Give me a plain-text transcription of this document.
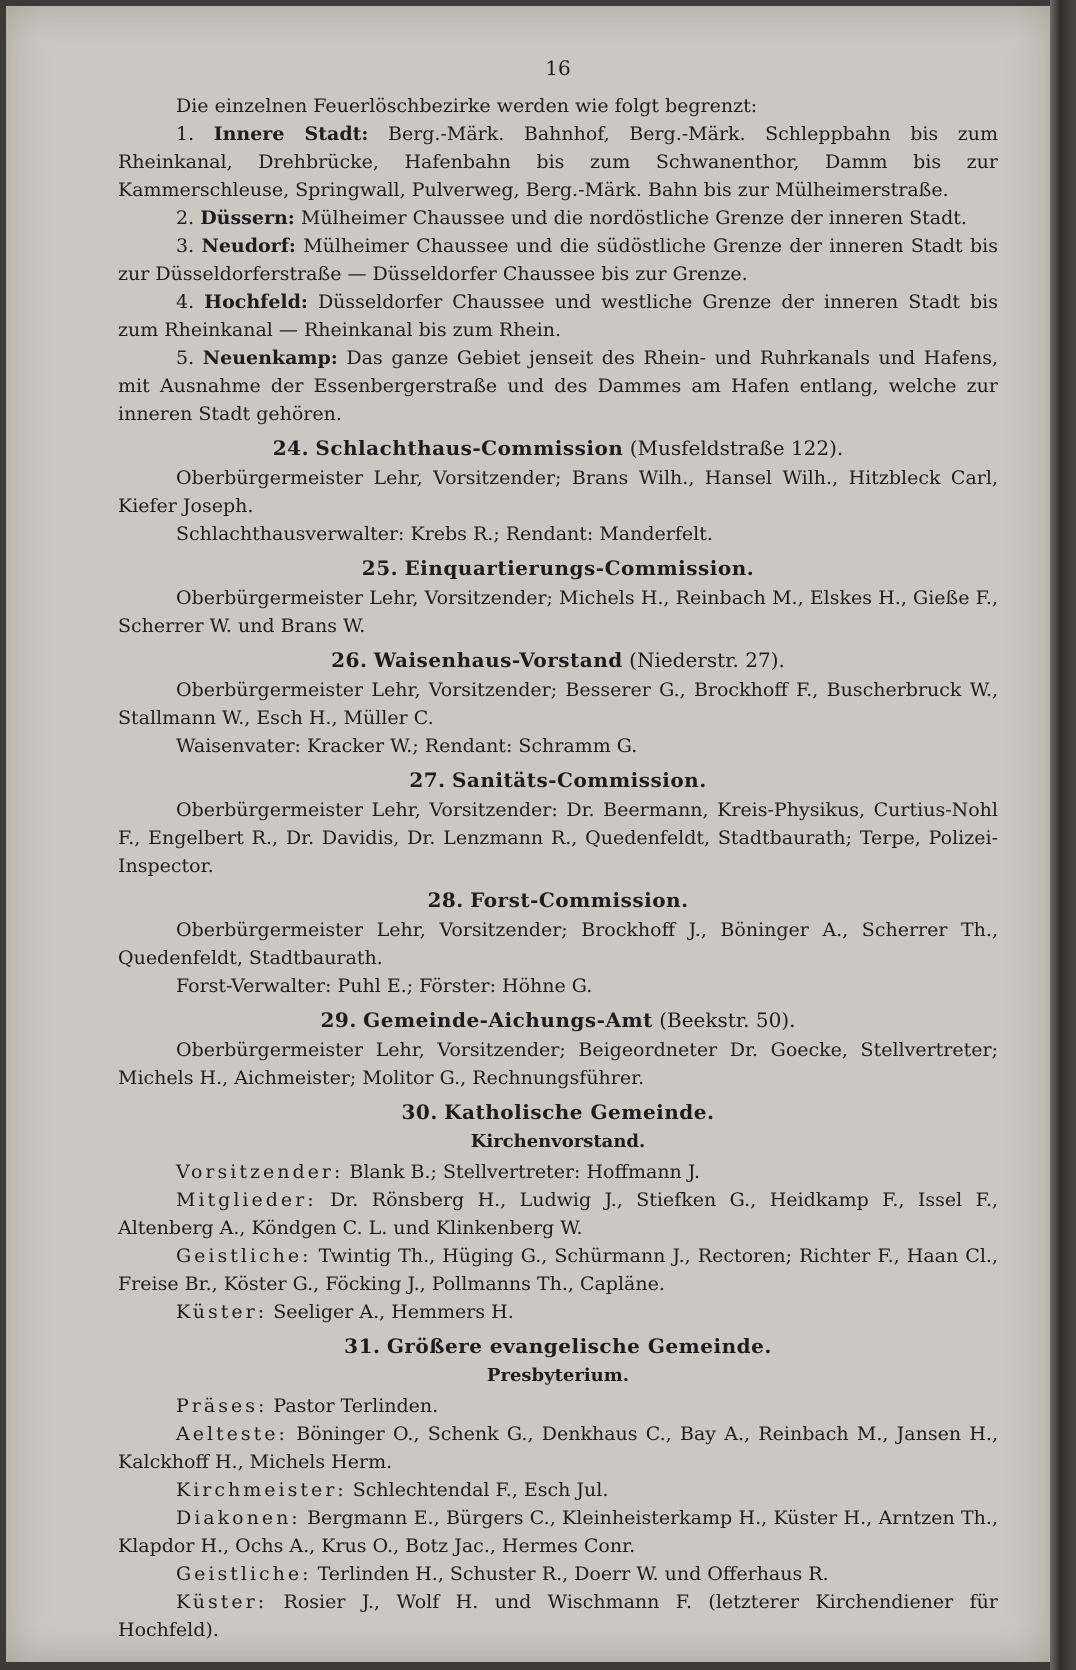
16

Die einzelnen Feuerlöschbezirke werden wie folgt begrenzt:

1. Innere Stadt: Berg.-Märk. Bahnhof, Berg.-Märk. Schleppbahn bis zum Rheinkanal, Drehbrücke, Hafenbahn bis zum Schwanenthor, Damm bis zur Kammerschleuse, Springwall, Pulverweg, Berg.-Märk. Bahn bis zur Mülheimerstraße.

2. Düssern: Mülheimer Chaussee und die nordöstliche Grenze der inneren Stadt.

3. Neudorf: Mülheimer Chaussee und die südöstliche Grenze der inneren Stadt bis zur Düsseldorferstraße — Düsseldorfer Chaussee bis zur Grenze.

4. Hochfeld: Düsseldorfer Chaussee und westliche Grenze der inneren Stadt bis zum Rheinkanal — Rheinkanal bis zum Rhein.

5. Neuenkamp: Das ganze Gebiet jenseit des Rhein- und Ruhrkanals und Hafens, mit Ausnahme der Essenbergerstraße und des Dammes am Hafen entlang, welche zur inneren Stadt gehören.

24. Schlachthaus-Commission (Musfeldstraße 122).

Oberbürgermeister Lehr, Vorsitzender; Brans Wilh., Hansel Wilh., Hitzbleck Carl, Kiefer Joseph.

Schlachthausverwalter: Krebs R.; Rendant: Manderfelt.

25. Einquartierungs-Commission.

Oberbürgermeister Lehr, Vorsitzender; Michels H., Reinbach M., Elskes H., Gießе F., Scherrer W. und Brans W.

26. Waisenhaus-Vorstand (Niederstr. 27).

Oberbürgermeister Lehr, Vorsitzender; Besserer G., Brockhoff F., Buscherbruck W., Stallmann W., Esch H., Müller C.

Waisenvater: Kracker W.; Rendant: Schramm G.

27. Sanitäts-Commission.

Oberbürgermeister Lehr, Vorsitzender: Dr. Beermann, Kreis-Physikus, Curtius-Nohl F., Engelbert R., Dr. Davidis, Dr. Lenzmann R., Quedenfeldt, Stadtbaurath; Terpe, Polizei-Inspector.

28. Forst-Commission.

Oberbürgermeister Lehr, Vorsitzender; Brockhoff J., Böninger A., Scherrer Th., Quedenfeldt, Stadtbaurath.

Forst-Verwalter: Puhl E.; Förster: Höhne G.

29. Gemeinde-Aichungs-Amt (Beekstr. 50).

Oberbürgermeister Lehr, Vorsitzender; Beigeordneter Dr. Goecke, Stellvertreter; Michels H., Aichmeister; Molitor G., Rechnungsführer.

30. Katholische Gemeinde.
Kirchenvorstand.

Vorsitzender: Blank B.; Stellvertreter: Hoffmann J.

Mitglieder: Dr. Rönsberg H., Ludwig J., Stiefken G., Heidkamp F., Issel F., Altenberg A., Köndgen C. L. und Klinkenberg W.

Geistliche: Twintig Th., Hüging G., Schürmann J., Rectoren; Richter F., Haan Cl., Freise Br., Köster G., Föcking J., Pollmanns Th., Capläne.

Küster: Seeliger A., Hemmers H.

31. Größere evangelische Gemeinde.
Presbyterium.

Präses: Pastor Terlinden.

Aelteste: Böninger O., Schenk G., Denkhaus C., Bay A., Reinbach M., Jansen H., Kalckhoff H., Michels Herm.

Kirchmeister: Schlechtendal F., Esch Jul.

Diakonen: Bergmann E., Bürgers C., Kleinheisterkamp H., Küster H., Arntzen Th., Klapdor H., Ochs A., Krus O., Botz Jac., Hermes Conr.

Geistliche: Terlinden H., Schuster R., Doerr W. und Offerhaus R.

Küster: Rosier J., Wolf H. und Wischmann F. (letzterer Kirchendiener für Hochfeld).
